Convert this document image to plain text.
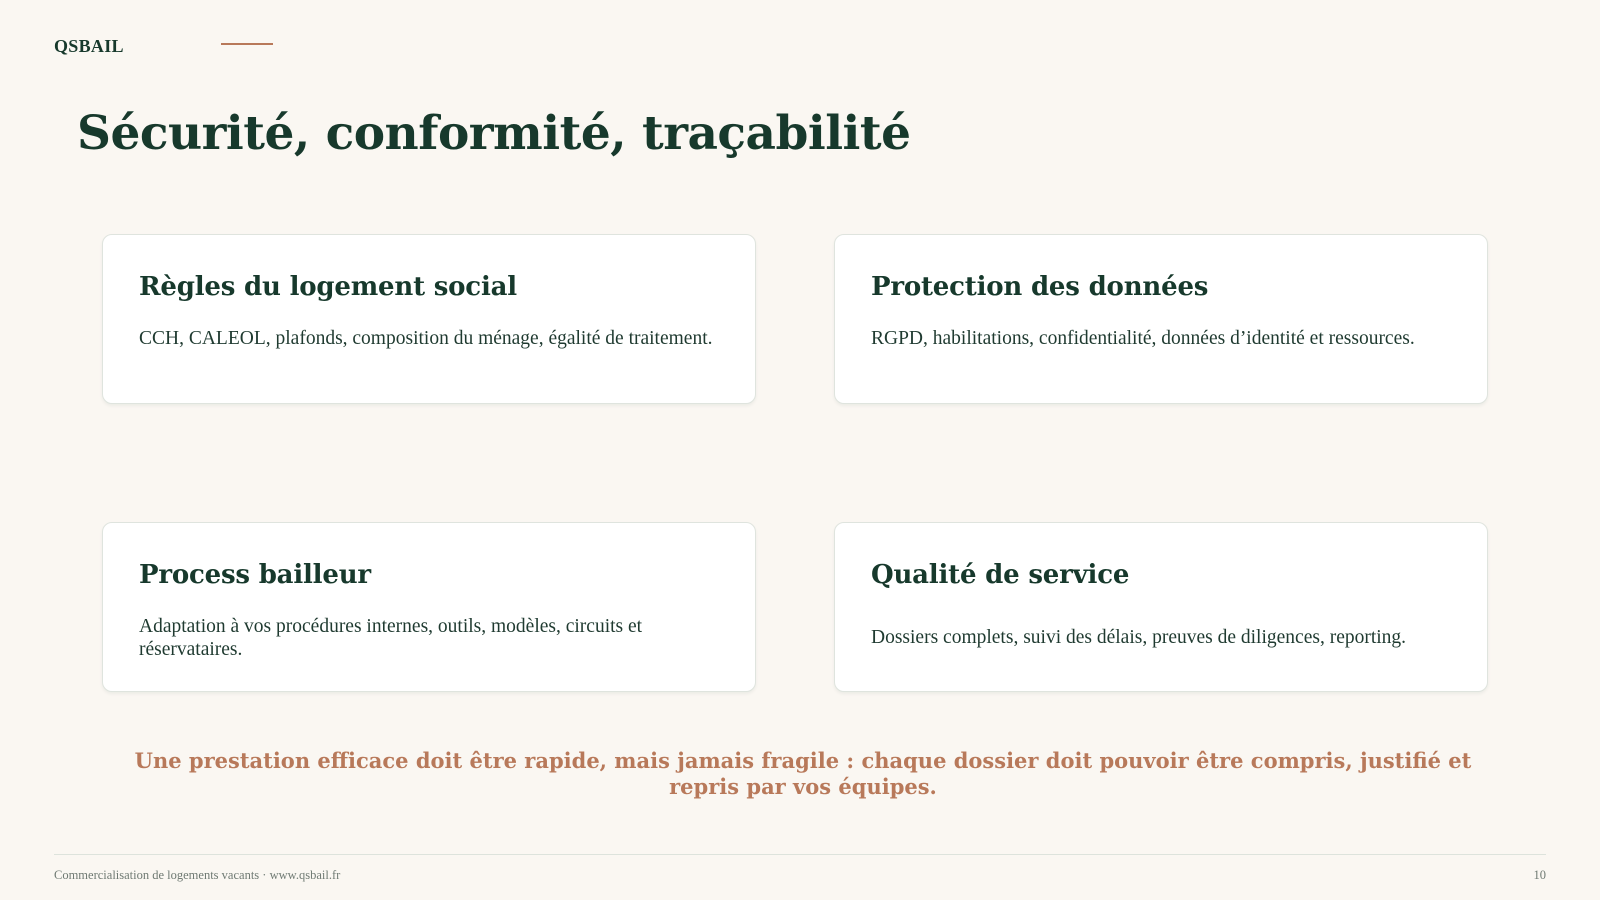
QSBAIL
Sécurité, conformité, traçabilité
Règles du logement social

CCH, CALEOL, plafonds, composition du ménage, égalité de traitement.

Protection des données

RGPD, habilitations, confidentialité, données d’identité et ressources.

Process bailleur

Adaptation à vos procédures internes, outils, modèles, circuits et réservataires.

Qualité de service

Dossiers complets, suivi des délais, preuves de diligences, reporting.

Une prestation efficace doit être rapide, mais jamais fragile : chaque dossier doit pouvoir être compris, justifié et repris par vos équipes.

Commercialisation de logements vacants · www.qsbail.fr	10
